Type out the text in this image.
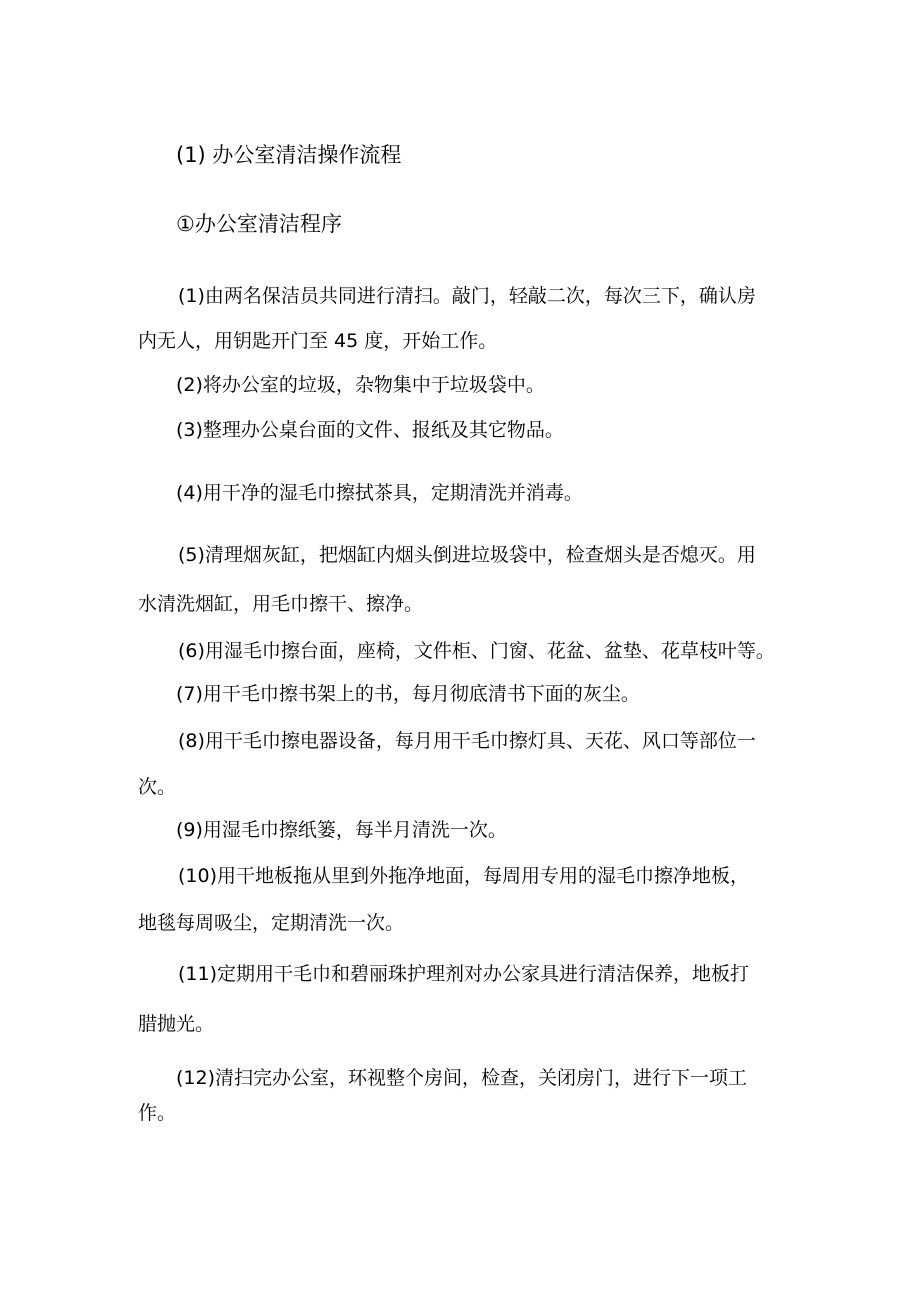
(1) 办公室清洁操作流程
①办公室清洁程序
(1)由两名保洁员共同进行清扫。敲门，轻敲二次，每次三下，确认房
内无人，用钥匙开门至 45 度，开始工作。
(2)将办公室的垃圾，杂物集中于垃圾袋中。
(3)整理办公桌台面的文件、报纸及其它物品。
(4)用干净的湿毛巾擦拭茶具，定期清洗并消毒。
(5)清理烟灰缸，把烟缸内烟头倒进垃圾袋中，检查烟头是否熄灭。用
水清洗烟缸，用毛巾擦干、擦净。
(6)用湿毛巾擦台面，座椅，文件柜、门窗、花盆、盆垫、花草枝叶等。
(7)用干毛巾擦书架上的书，每月彻底清书下面的灰尘。
(8)用干毛巾擦电器设备，每月用干毛巾擦灯具、天花、风口等部位一
次。
(9)用湿毛巾擦纸篓，每半月清洗一次。
(10)用干地板拖从里到外拖净地面，每周用专用的湿毛巾擦净地板，
地毯每周吸尘，定期清洗一次。
(11)定期用干毛巾和碧丽珠护理剂对办公家具进行清洁保养，地板打
腊抛光。
(12)清扫完办公室，环视整个房间，检查，关闭房门，进行下一项工
作。
